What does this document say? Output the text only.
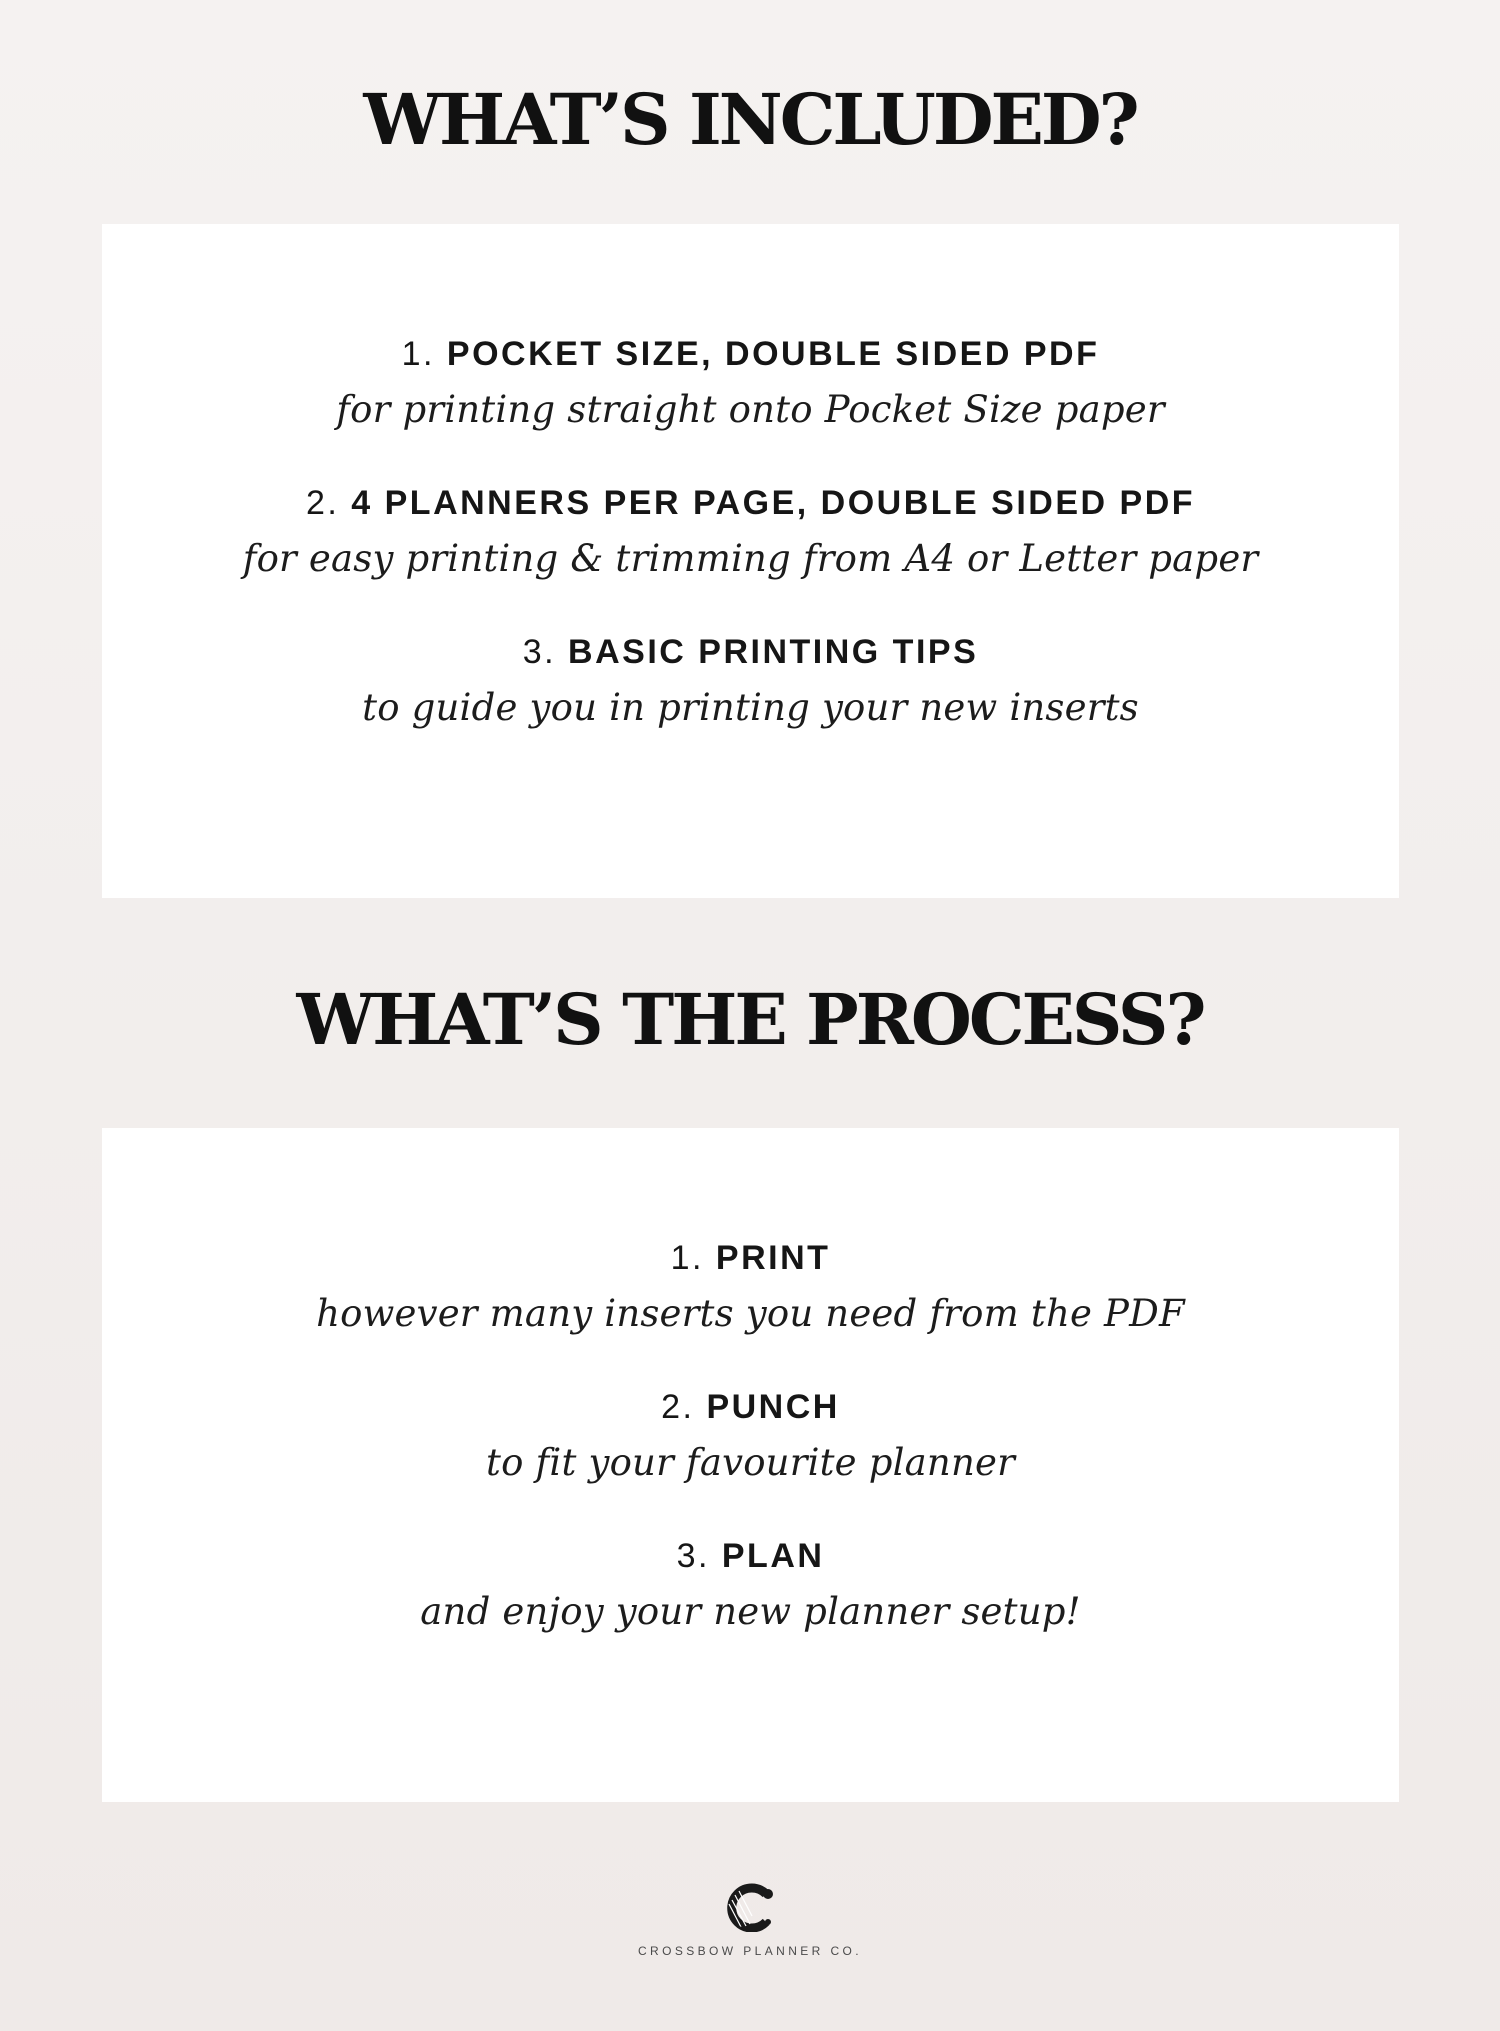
WHAT’S INCLUDED?
1. POCKET SIZE, DOUBLE SIDED PDF
for printing straight onto Pocket Size paper
2. 4 PLANNERS PER PAGE, DOUBLE SIDED PDF
for easy printing & trimming from A4 or Letter paper
3. BASIC PRINTING TIPS
to guide you in printing your new inserts
WHAT’S THE PROCESS?
1. PRINT
however many inserts you need from the PDF
2. PUNCH
to fit your favourite planner
3. PLAN
and enjoy your new planner setup!
CROSSBOW PLANNER CO.
